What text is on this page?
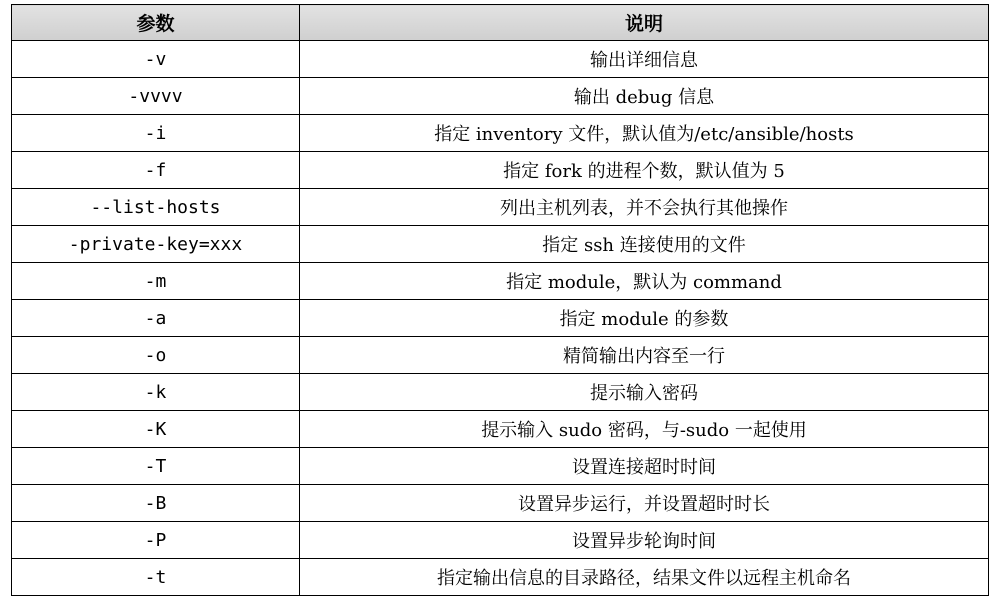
参数	说明
-v	输出详细信息
-vvvv	输出 debug 信息
-i	指定 inventory 文件，默认值为/etc/ansible/hosts
-f	指定 fork 的进程个数，默认值为 5
--list-hosts	列出主机列表，并不会执行其他操作
-private-key=xxx	指定 ssh 连接使用的文件
-m	指定 module，默认为 command
-a	指定 module 的参数
-o	精简输出内容至一行
-k	提示输入密码
-K	提示输入 sudo 密码，与-sudo 一起使用
-T	设置连接超时时间
-B	设置异步运行，并设置超时时长
-P	设置异步轮询时间
-t	指定输出信息的目录路径，结果文件以远程主机命名
